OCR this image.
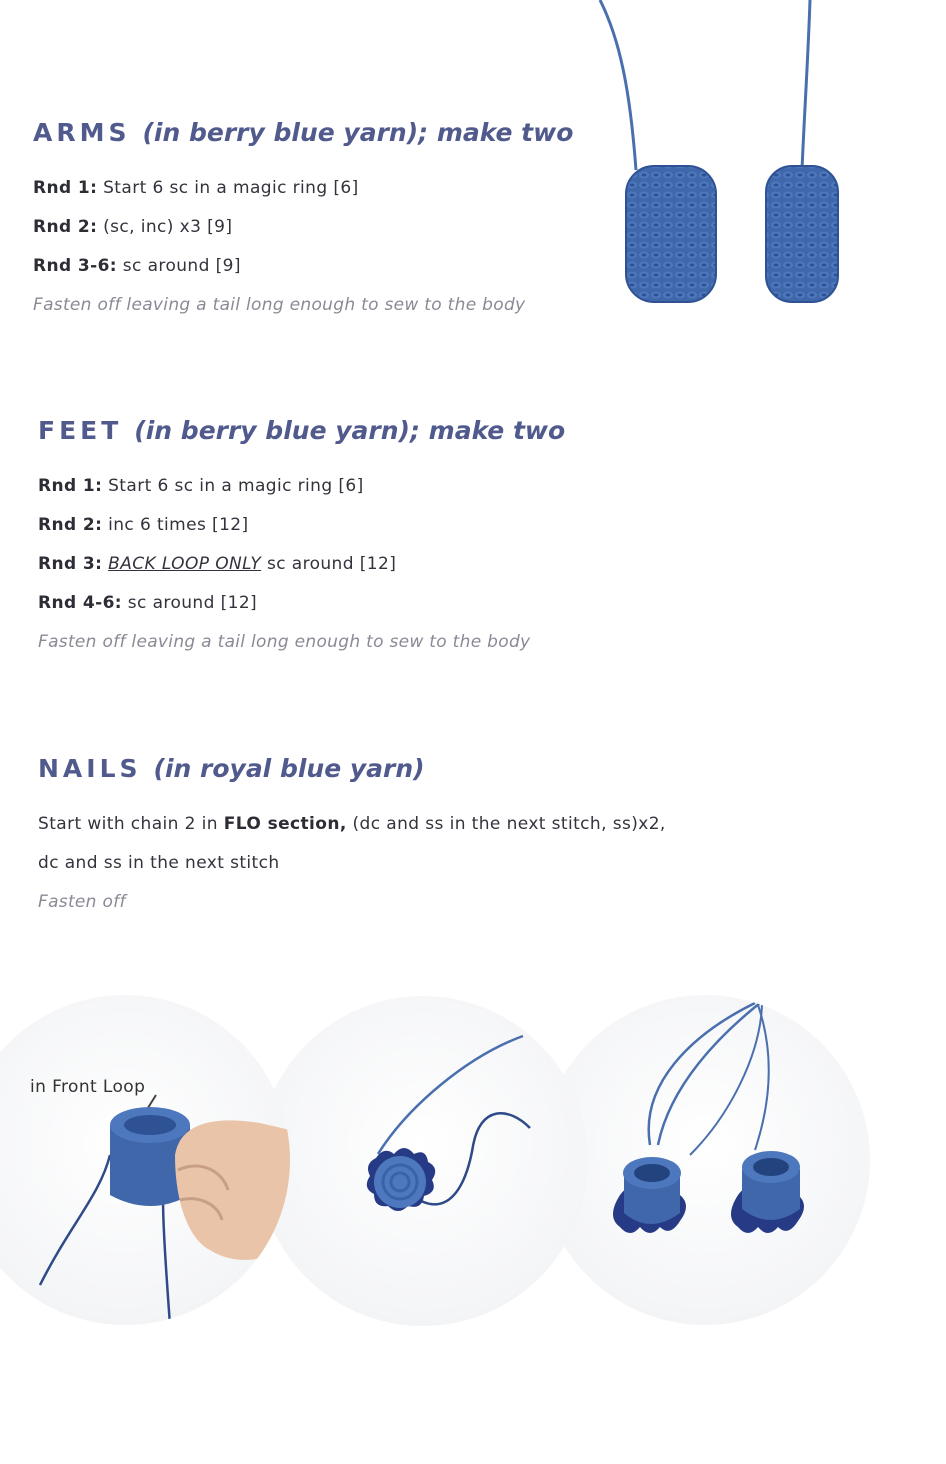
ARMS (in berry blue yarn); make two
Rnd 1: Start 6 sc in a magic ring [6]
Rnd 2: (sc, inc) x3 [9]
Rnd 3-6: sc around [9]
Fasten off leaving a tail long enough to sew to the body
FEET (in berry blue yarn); make two
Rnd 1: Start 6 sc in a magic ring [6]
Rnd 2: inc 6 times [12]
Rnd 3: BACK LOOP ONLY sc around [12]
Rnd 4-6: sc around [12]
Fasten off leaving a tail long enough to sew to the body
NAILS (in royal blue yarn)
Start with chain 2 in FLO section, (dc and ss in the next stitch, ss)x2,
dc and ss in the next stitch
Fasten off
in Front Loop
